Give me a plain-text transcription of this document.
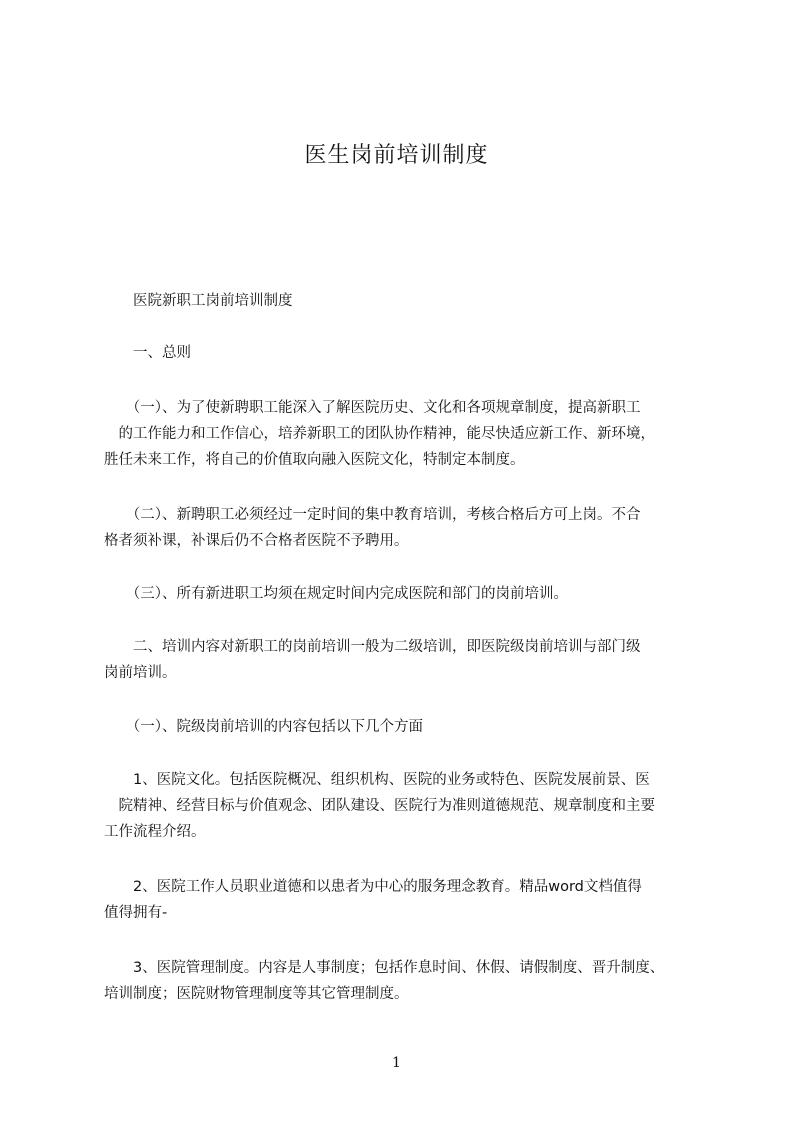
医生岗前培训制度
　　医院新职工岗前培训制度
　　一、总则
　　（一）、为了使新聘职工能深入了解医院历史、文化和各项规章制度，提高新职工
　的工作能力和工作信心，培养新职工的团队协作精神，能尽快适应新工作、新环境，
胜任未来工作，将自己的价值取向融入医院文化，特制定本制度。
　　（二）、新聘职工必须经过一定时间的集中教育培训，考核合格后方可上岗。不合
格者须补课，补课后仍不合格者医院不予聘用。
　　（三）、所有新进职工均须在规定时间内完成医院和部门的岗前培训。
　　二、培训内容对新职工的岗前培训一般为二级培训，即医院级岗前培训与部门级
岗前培训。
　　（一）、院级岗前培训的内容包括以下几个方面
　　1、医院文化。包括医院概况、组织机构、医院的业务或特色、医院发展前景、医
　院精神、经营目标与价值观念、团队建设、医院行为准则道德规范、规章制度和主要
工作流程介绍。
　　2、医院工作人员职业道德和以患者为中心的服务理念教育。精品word文档值得
值得拥有-
　　3、医院管理制度。内容是人事制度；包括作息时间、休假、请假制度、晋升制度、
培训制度；医院财物管理制度等其它管理制度。
1
